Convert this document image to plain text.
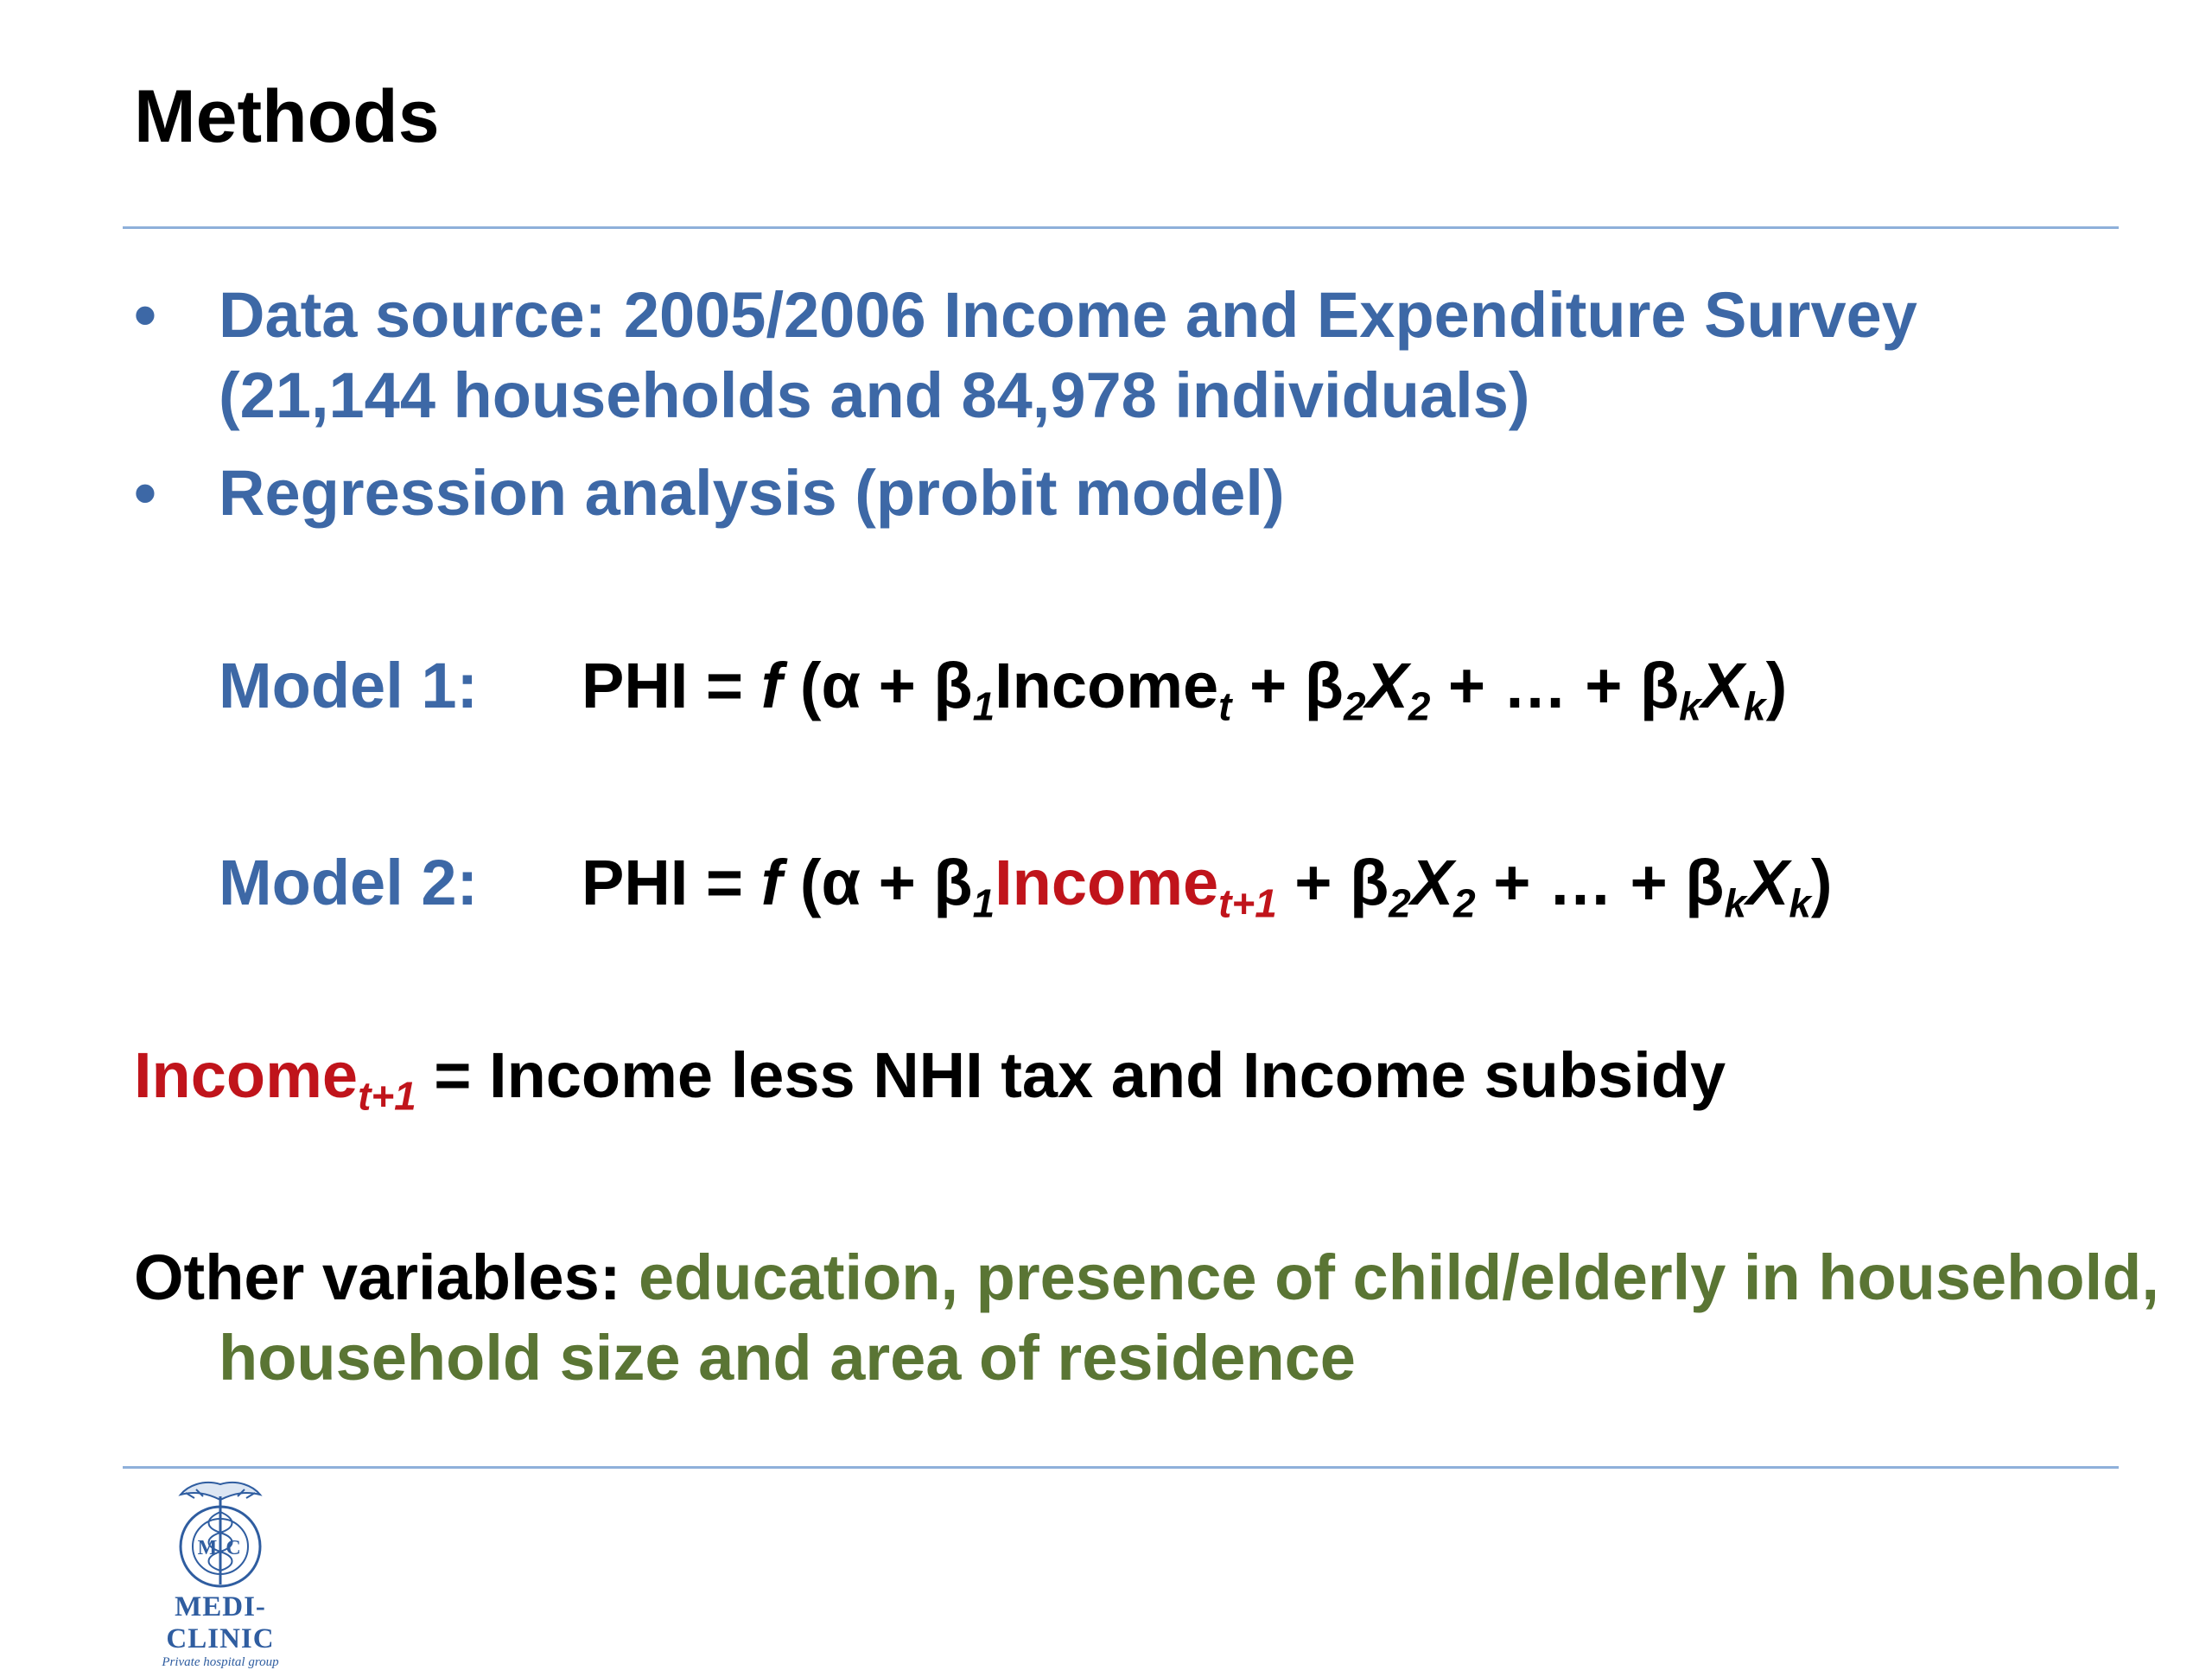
Methods
• Data source: 2005/2006 Income and Expenditure Survey (21,144 households and 84,978 individuals)
• Regression analysis (probit model)
Model 1: PHI = f ($\alpha + \beta_1Income_t + \beta_2X_2$ + … + $\beta_kX_k$)
Model 2: PHI = f ($\alpha + \beta_1Income_{t+1} + \beta_2X_2$ + … + $\beta_kX_k$)
Income$_{t+1}$ = Income less NHI tax and Income subsidy
Other variables: education, presence of child/elderly in household, household size and area of residence
M C
MEDI-CLINIC
Private hospital group
